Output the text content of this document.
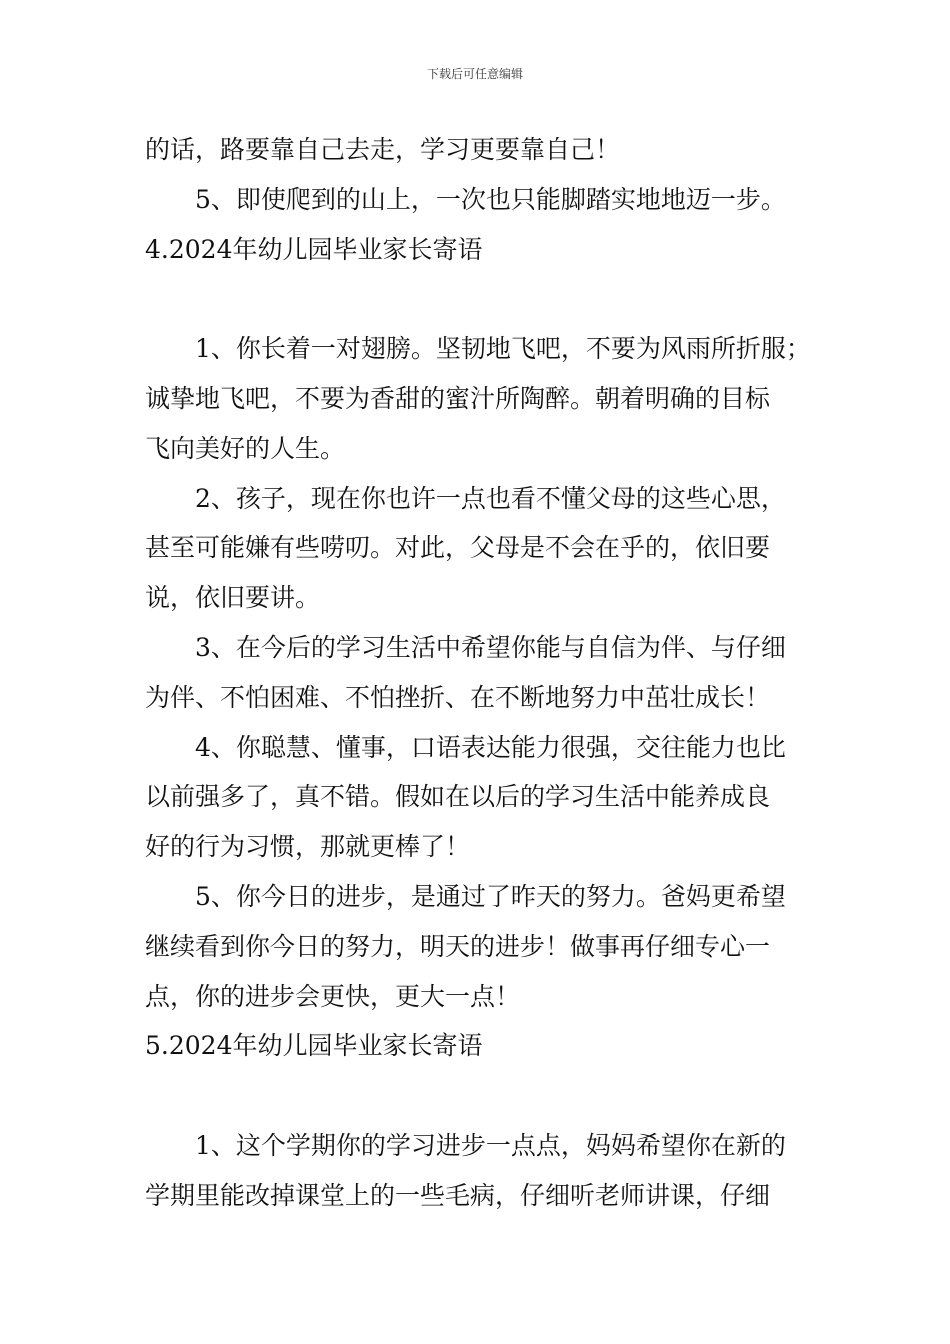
下载后可任意编辑

的话，路要靠自己去走，学习更要靠自己！

5、即使爬到的山上，一次也只能脚踏实地地迈一步。

4.2024年幼儿园毕业家长寄语

1、你长着一对翅膀。坚韧地飞吧，不要为风雨所折服；

诚挚地飞吧，不要为香甜的蜜汁所陶醉。朝着明确的目标

飞向美好的人生。

2、孩子，现在你也许一点也看不懂父母的这些心思，

甚至可能嫌有些唠叨。对此，父母是不会在乎的，依旧要

说，依旧要讲。

3、在今后的学习生活中希望你能与自信为伴、与仔细

为伴、不怕困难、不怕挫折、在不断地努力中茁壮成长！

4、你聪慧、懂事，口语表达能力很强，交往能力也比

以前强多了，真不错。假如在以后的学习生活中能养成良

好的行为习惯，那就更棒了！

5、你今日的进步，是通过了昨天的努力。爸妈更希望

继续看到你今日的努力，明天的进步！做事再仔细专心一

点，你的进步会更快，更大一点！

5.2024年幼儿园毕业家长寄语

1、这个学期你的学习进步一点点，妈妈希望你在新的

学期里能改掉课堂上的一些毛病，仔细听老师讲课，仔细
